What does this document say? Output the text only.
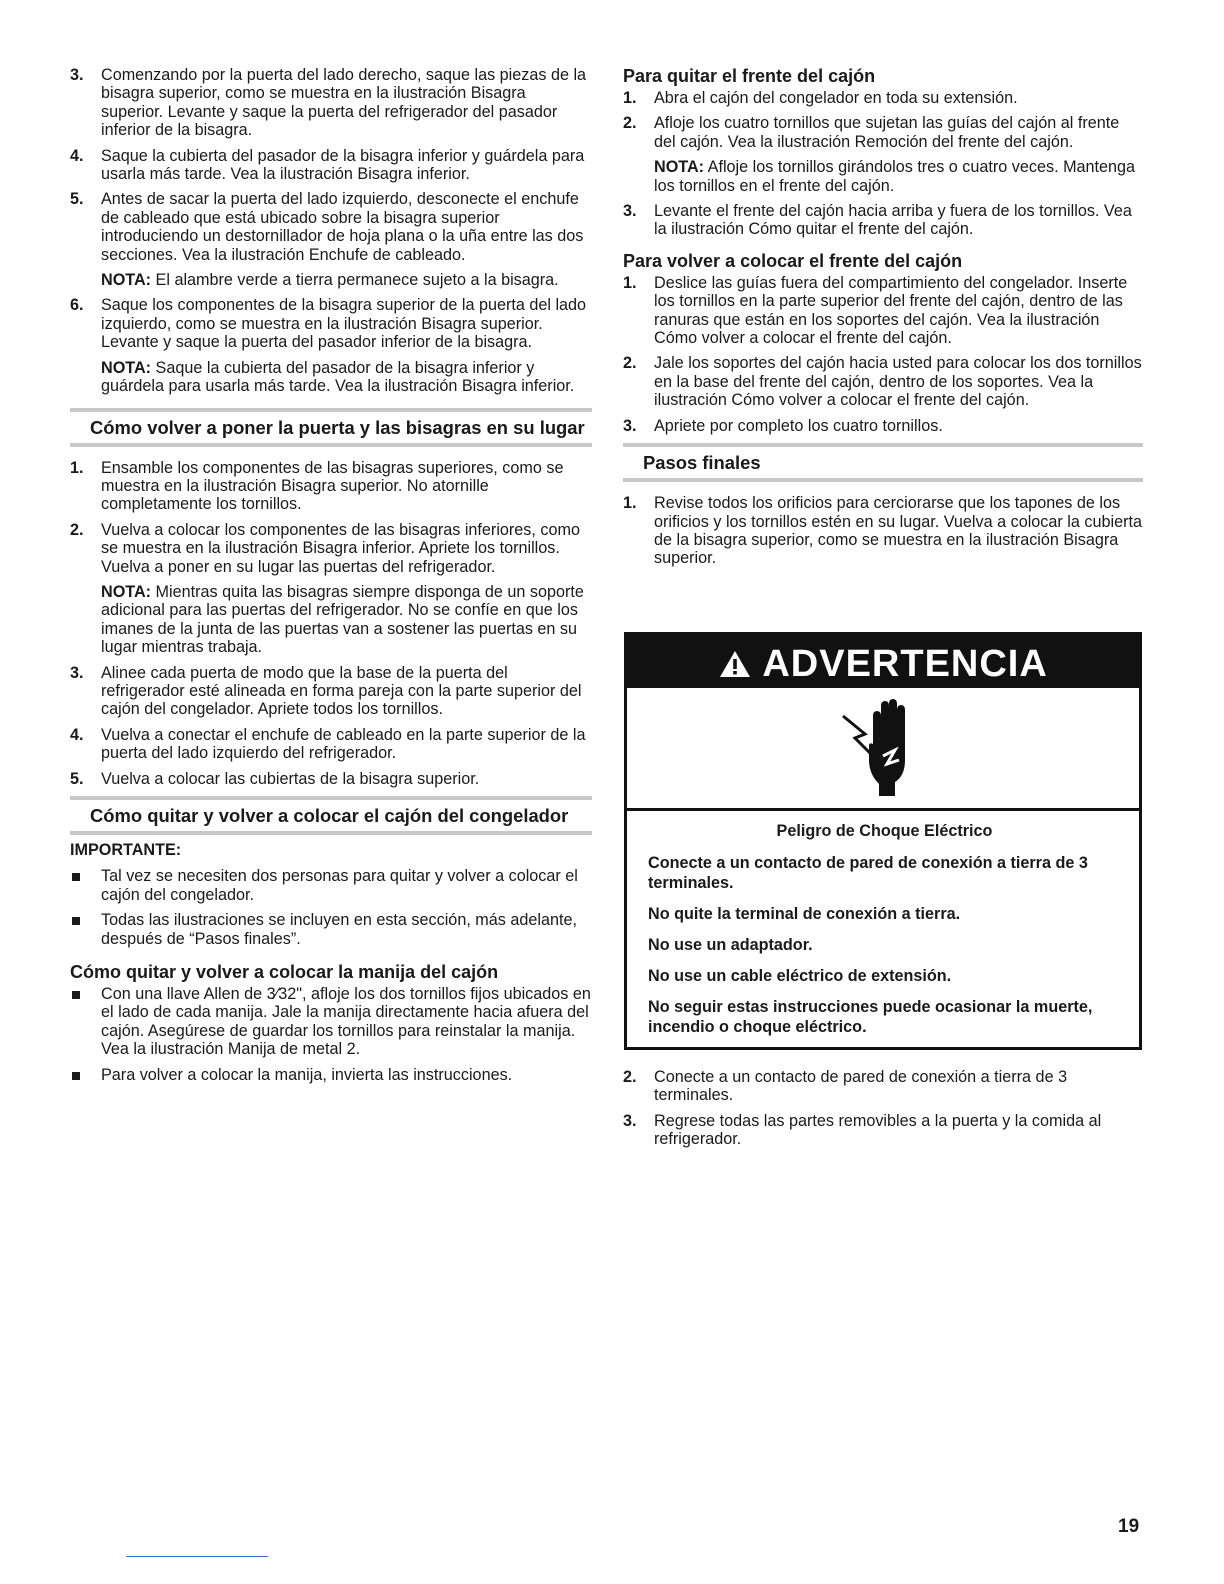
3. Comenzando por la puerta del lado derecho, saque las piezas de la bisagra superior, como se muestra en la ilustración Bisagra superior. Levante y saque la puerta del refrigerador del pasador inferior de la bisagra.

4. Saque la cubierta del pasador de la bisagra inferior y guárdela para usarla más tarde. Vea la ilustración Bisagra inferior.

5. Antes de sacar la puerta del lado izquierdo, desconecte el enchufe de cableado que está ubicado sobre la bisagra superior introduciendo un destornillador de hoja plana o la uña entre las dos secciones. Vea la ilustración Enchufe de cableado.

NOTA: El alambre verde a tierra permanece sujeto a la bisagra.

6. Saque los componentes de la bisagra superior de la puerta del lado izquierdo, como se muestra en la ilustración Bisagra superior. Levante y saque la puerta del pasador inferior de la bisagra.

NOTA: Saque la cubierta del pasador de la bisagra inferior y guárdela para usarla más tarde. Vea la ilustración Bisagra inferior.

Cómo volver a poner la puerta y las bisagras en su lugar
1. Ensamble los componentes de las bisagras superiores, como se muestra en la ilustración Bisagra superior. No atornille completamente los tornillos.

2. Vuelva a colocar los componentes de las bisagras inferiores, como se muestra en la ilustración Bisagra inferior. Apriete los tornillos. Vuelva a poner en su lugar las puertas del refrigerador.

NOTA: Mientras quita las bisagras siempre disponga de un soporte adicional para las puertas del refrigerador. No se confíe en que los imanes de la junta de las puertas van a sostener las puertas en su lugar mientras trabaja.

3. Alinee cada puerta de modo que la base de la puerta del refrigerador esté alineada en forma pareja con la parte superior del cajón del congelador. Apriete todos los tornillos.

4. Vuelva a conectar el enchufe de cableado en la parte superior de la puerta del lado izquierdo del refrigerador.

5. Vuelva a colocar las cubiertas de la bisagra superior.

Cómo quitar y volver a colocar el cajón del congelador
IMPORTANTE:

Tal vez se necesiten dos personas para quitar y volver a colocar el cajón del congelador.

Todas las ilustraciones se incluyen en esta sección, más adelante, después de “Pasos finales”.

Cómo quitar y volver a colocar la manija del cajón

Con una llave Allen de 3⁄32", afloje los dos tornillos fijos ubicados en el lado de cada manija. Jale la manija directamente hacia afuera del cajón. Asegúrese de guardar los tornillos para reinstalar la manija. Vea la ilustración Manija de metal 2.

Para volver a colocar la manija, invierta las instrucciones.

Para quitar el frente del cajón
1. Abra el cajón del congelador en toda su extensión.

2. Afloje los cuatro tornillos que sujetan las guías del cajón al frente del cajón. Vea la ilustración Remoción del frente del cajón.

NOTA: Afloje los tornillos girándolos tres o cuatro veces. Mantenga los tornillos en el frente del cajón.

3. Levante el frente del cajón hacia arriba y fuera de los tornillos. Vea la ilustración Cómo quitar el frente del cajón.

Para volver a colocar el frente del cajón
1. Deslice las guías fuera del compartimiento del congelador. Inserte los tornillos en la parte superior del frente del cajón, dentro de las ranuras que están en los soportes del cajón. Vea la ilustración Cómo volver a colocar el frente del cajón.

2. Jale los soportes del cajón hacia usted para colocar los dos tornillos en la base del frente del cajón, dentro de los soportes. Vea la ilustración Cómo volver a colocar el frente del cajón.

3. Apriete por completo los cuatro tornillos.

Pasos finales
1. Revise todos los orificios para cerciorarse que los tapones de los orificios y los tornillos estén en su lugar. Vuelva a colocar la cubierta de la bisagra superior, como se muestra en la ilustración Bisagra superior.

ADVERTENCIA

Peligro de Choque Eléctrico

Conecte a un contacto de pared de conexión a tierra de 3 terminales.

No quite la terminal de conexión a tierra.

No use un adaptador.

No use un cable eléctrico de extensión.

No seguir estas instrucciones puede ocasionar la muerte, incendio o choque eléctrico.

2. Conecte a un contacto de pared de conexión a tierra de 3 terminales.

3. Regrese todas las partes removibles a la puerta y la comida al refrigerador.

19
